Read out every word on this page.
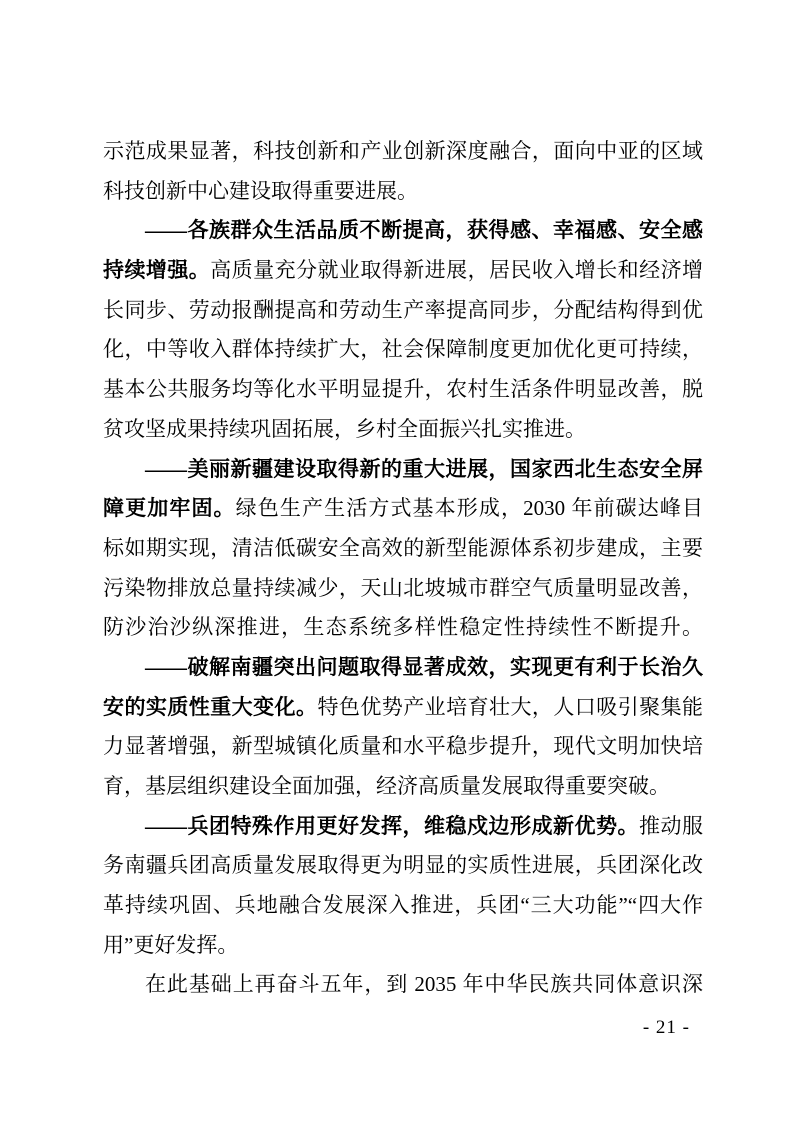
示范成果显著，科技创新和产业创新深度融合，面向中亚的区域
科技创新中心建设取得重要进展。
——各族群众生活品质不断提高，获得感、幸福感、安全感
持续增强。高质量充分就业取得新进展，居民收入增长和经济增
长同步、劳动报酬提高和劳动生产率提高同步，分配结构得到优
化，中等收入群体持续扩大，社会保障制度更加优化更可持续，
基本公共服务均等化水平明显提升，农村生活条件明显改善，脱
贫攻坚成果持续巩固拓展，乡村全面振兴扎实推进。
——美丽新疆建设取得新的重大进展，国家西北生态安全屏
障更加牢固。绿色生产生活方式基本形成，2030 年前碳达峰目
标如期实现，清洁低碳安全高效的新型能源体系初步建成，主要
污染物排放总量持续减少，天山北坡城市群空气质量明显改善，
防沙治沙纵深推进，生态系统多样性稳定性持续性不断提升。
——破解南疆突出问题取得显著成效，实现更有利于长治久
安的实质性重大变化。特色优势产业培育壮大，人口吸引聚集能
力显著增强，新型城镇化质量和水平稳步提升，现代文明加快培
育，基层组织建设全面加强，经济高质量发展取得重要突破。
——兵团特殊作用更好发挥，维稳戍边形成新优势。推动服
务南疆兵团高质量发展取得更为明显的实质性进展，兵团深化改
革持续巩固、兵地融合发展深入推进，兵团“三大功能”“四大作
用”更好发挥。
在此基础上再奋斗五年，到 2035 年中华民族共同体意识深
- 21 -
